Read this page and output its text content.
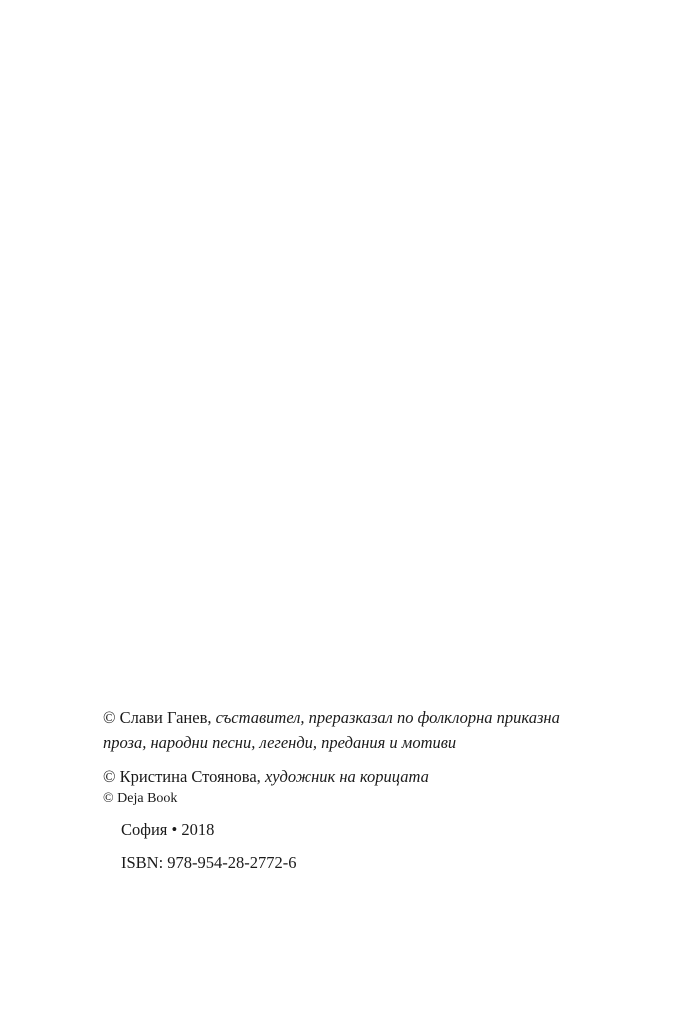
© Слави Ганев, съставител, преразказал по фолклорна приказна
проза, народни песни, легенди, предания и мотиви

© Кристина Стоянова, художник на корицата

© Deja Book

София • 2018
ISBN: 978-954-28-2772-6
